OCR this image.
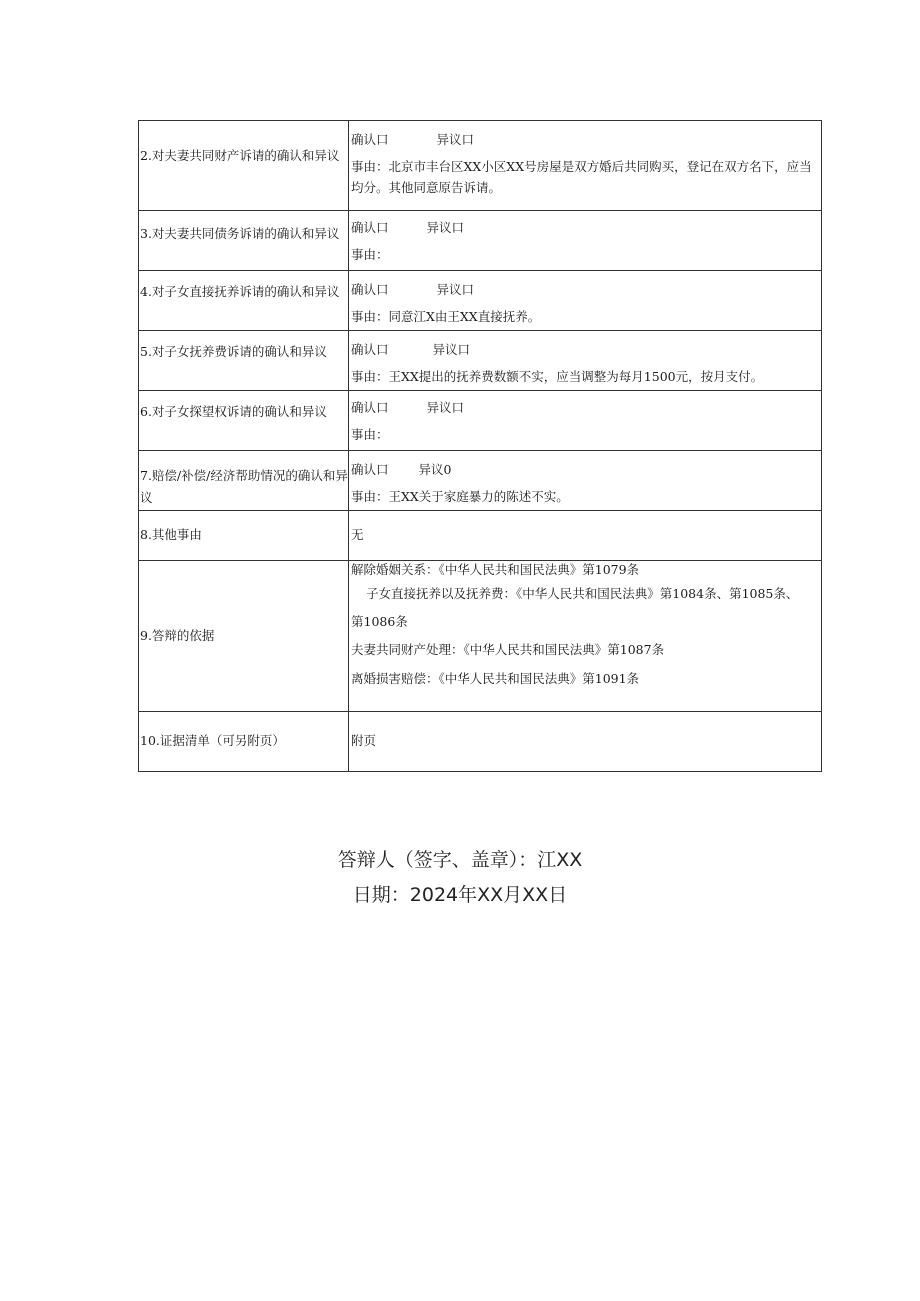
2.对夫妻共同财产诉请的确认和异议	确认口 异议口
事由：北京市丰台区XX小区XX号房屋是双方婚后共同购买，登记在双方名下，应当均分。其他同意原告诉请。

3.对夫妻共同债务诉请的确认和异议	确认口 异议口
事由：

4.对子女直接抚养诉请的确认和异议	确认口 异议口
事由：同意江X由王XX直接抚养。

5.对子女抚养费诉请的确认和异议	确认口 异议口
事由：王XX提出的抚养费数额不实，应当调整为每月1500元，按月支付。

6.对子女探望权诉请的确认和异议	确认口 异议口
事由：

7.赔偿/补偿/经济帮助情况的确认和异议	确认口 异议0
事由：王XX关于家庭暴力的陈述不实。

8.其他事由	无

9.答辩的依据	解除婚姻关系：《中华人民共和国民法典》第1079条

子女直接抚养以及抚养费：《中华人民共和国民法典》第1084条、第1085条、

第1086条

夫妻共同财产处理：《中华人民共和国民法典》第1087条

离婚损害赔偿：《中华人民共和国民法典》第1091条

10.证据清单（可另附页）	附页
答辩人（签字、盖章）：江XX
日期：2024年XX月XX日
